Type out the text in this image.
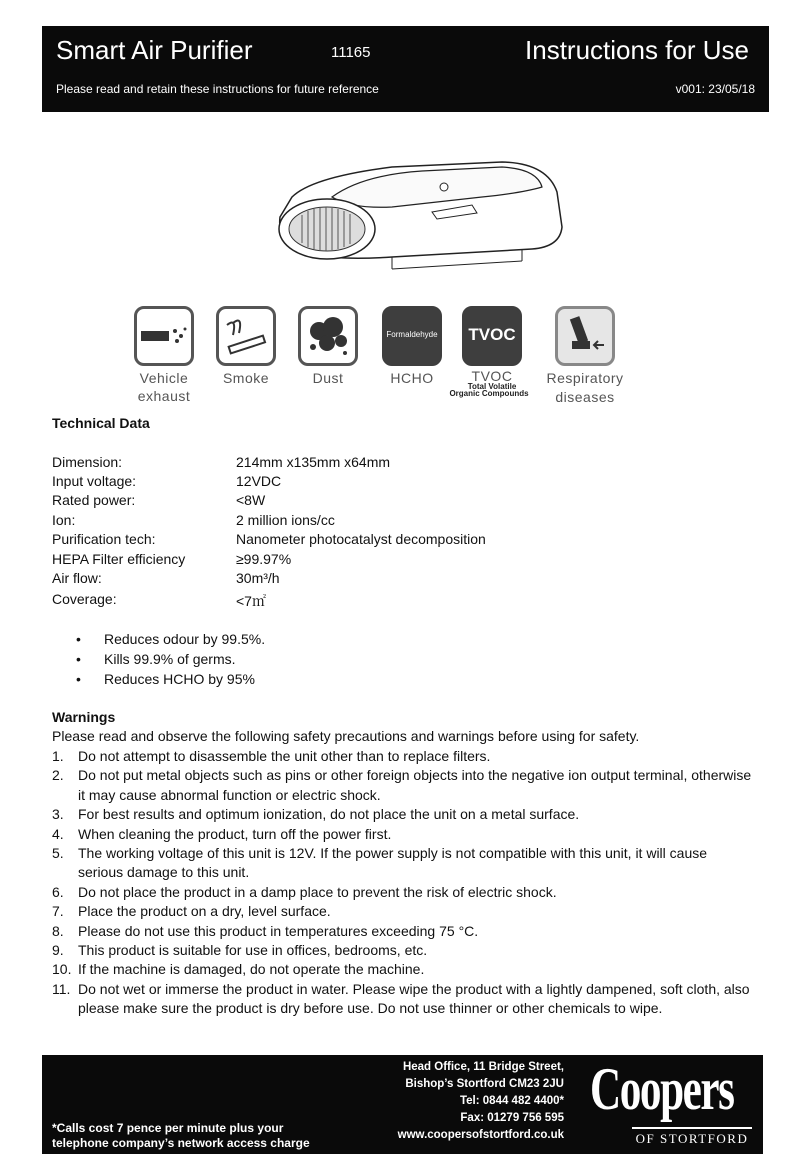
Smart Air Purifier	11165	Instructions for Use
Please read and retain these instructions for future reference	v001: 23/05/18
Vehicle exhaust
Smoke	Dust
Formaldehyde
HCHO
TVOC
TVOC
Total Volatile
Organic Compounds
Respiratory diseases
Technical Data
Dimension:	214mm x135mm x64mm
Input voltage:	12VDC
Rated power:	<8W
Ion:	2 million ions/cc
Purification tech:	Nanometer photocatalyst decomposition
HEPA Filter efficiency	≥99.97%
Air flow:	30m³/h
Coverage:	<7㎡
• Reduces odour by 99.5%.
• Kills 99.9% of germs.
• Reduces HCHO by 95%
Warnings
Please read and observe the following safety precautions and warnings before using for safety.
1. Do not attempt to disassemble the unit other than to replace filters.
2. Do not put metal objects such as pins or other foreign objects into the negative ion output terminal, otherwise it may cause abnormal function or electric shock.
3. For best results and optimum ionization, do not place the unit on a metal surface.
4. When cleaning the product, turn off the power first.
5. The working voltage of this unit is 12V. If the power supply is not compatible with this unit, it will cause serious damage to this unit.
6. Do not place the product in a damp place to prevent the risk of electric shock.
7. Place the product on a dry, level surface.
8. Please do not use this product in temperatures exceeding 75 °C.
9. This product is suitable for use in offices, bedrooms, etc.
10. If the machine is damaged, do not operate the machine.
11. Do not wet or immerse the product in water. Please wipe the product with a lightly dampened, soft cloth, also please make sure the product is dry before use. Do not use thinner or other chemicals to wipe.
Head Office, 11 Bridge Street,
Bishop’s Stortford CM23 2JU
Tel: 0844 482 4400*
Fax: 01279 756 595
www.coopersofstortford.co.uk
*Calls cost 7 pence per minute plus your
telephone company’s network access charge
Coopers
OF STORTFORD
